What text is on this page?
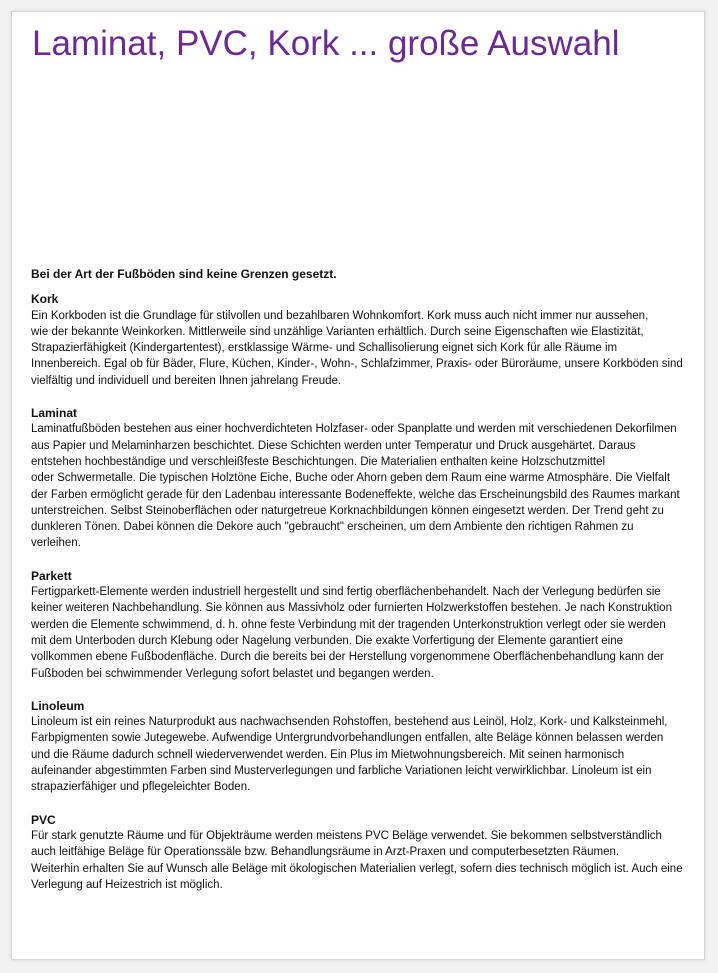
Laminat, PVC, Kork ... große Auswahl

Bei der Art der Fußböden sind keine Grenzen gesetzt.

Kork

Ein Korkboden ist die Grundlage für stilvollen und bezahlbaren Wohnkomfort. Kork muss auch nicht immer nur aussehen,

wie der bekannte Weinkorken. Mittlerweile sind unzählige Varianten erhältlich. Durch seine Eigenschaften wie Elastizität, Strapazierfähigkeit (Kindergartentest), erstklassige Wärme- und Schallisolierung eignet sich Kork für alle Räume im Innenbereich. Egal ob für Bäder, Flure, Küchen, Kinder-, Wohn-, Schlafzimmer, Praxis- oder Büroräume, unsere Korkböden sind vielfältig und individuell und bereiten Ihnen jahrelang Freude.

Laminat

Laminatfußböden bestehen aus einer hochverdichteten Holzfaser- oder Spanplatte und werden mit verschiedenen Dekorfilmen aus Papier und Melaminharzen beschichtet. Diese Schichten werden unter Temperatur und Druck ausgehärtet. Daraus entstehen hochbeständige und verschleißfeste Beschichtungen. Die Materialien enthalten keine Holzschutzmittel

oder Schwermetalle. Die typischen Holztöne Eiche, Buche oder Ahorn geben dem Raum eine warme Atmosphäre. Die Vielfalt der Farben ermöglicht gerade für den Ladenbau interessante Bodeneffekte, welche das Erscheinungsbild des Raumes markant unterstreichen. Selbst Steinoberflächen oder naturgetreue Korknachbildungen können eingesetzt werden. Der Trend geht zu dunkleren Tönen. Dabei können die Dekore auch "gebraucht" erscheinen, um dem Ambiente den richtigen Rahmen zu verleihen.

Parkett

Fertigparkett-Elemente werden industriell hergestellt und sind fertig oberflächenbehandelt. Nach der Verlegung bedürfen sie keiner weiteren Nachbehandlung. Sie können aus Massivholz oder furnierten Holzwerkstoffen bestehen. Je nach Konstruktion werden die Elemente schwimmend, d. h. ohne feste Verbindung mit der tragenden Unterkonstruktion verlegt oder sie werden mit dem Unterboden durch Klebung oder Nagelung verbunden. Die exakte Vorfertigung der Elemente garantiert eine vollkommen ebene Fußbodenfläche. Durch die bereits bei der Herstellung vorgenommene Oberflächenbehandlung kann der Fußboden bei schwimmender Verlegung sofort belastet und begangen werden.

Linoleum

Linoleum ist ein reines Naturprodukt aus nachwachsenden Rohstoffen, bestehend aus Leinöl, Holz, Kork- und Kalksteinmehl, Farbpigmenten sowie Jutegewebe. Aufwendige Untergrundvorbehandlungen entfallen, alte Beläge können belassen werden und die Räume dadurch schnell wiederverwendet werden. Ein Plus im Mietwohnungsbereich. Mit seinen harmonisch aufeinander abgestimmten Farben sind Musterverlegungen und farbliche Variationen leicht verwirklichbar. Linoleum ist ein strapazierfähiger und pflegeleichter Boden.

PVC

Für stark genutzte Räume und für Objekträume werden meistens PVC Beläge verwendet. Sie bekommen selbstverständlich auch leitfähige Beläge für Operationssäle bzw. Behandlungsräume in Arzt-Praxen und computerbesetzten Räumen.

Weiterhin erhalten Sie auf Wunsch alle Beläge mit ökologischen Materialien verlegt, sofern dies technisch möglich ist. Auch eine Verlegung auf Heizestrich ist möglich.
